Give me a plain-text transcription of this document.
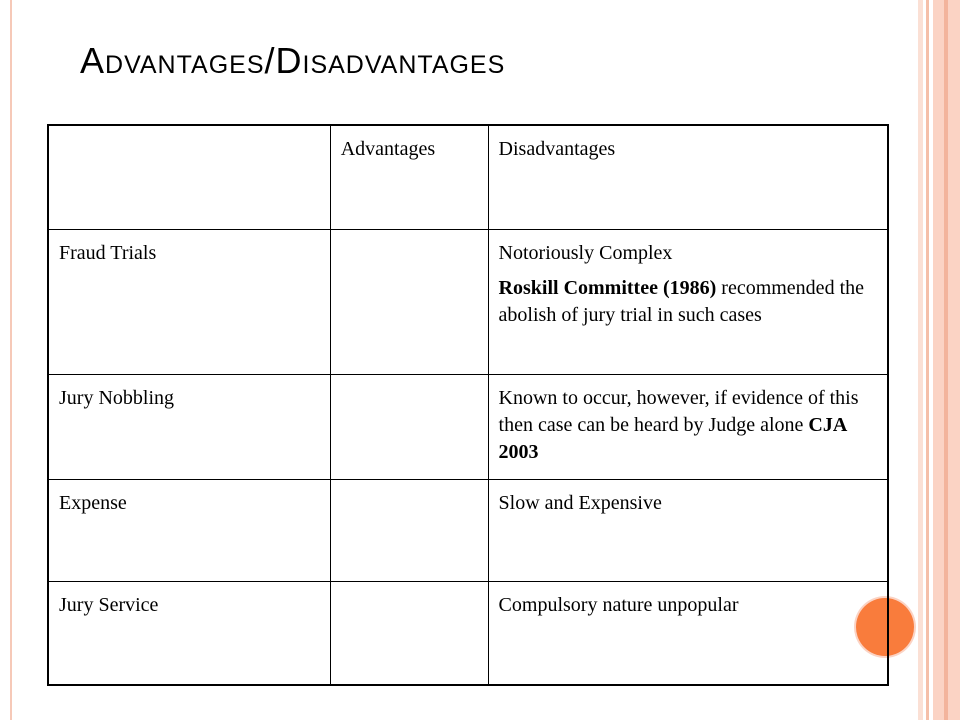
Advantages/Disadvantages
	Advantages	Disadvantages
Fraud Trials		Notoriously Complex

Roskill Committee (1986) recommended the abolish of jury trial in such cases

Jury Nobbling		Known to occur, however, if evidence of this then case can be heard by Judge alone CJA 2003
Expense		Slow and Expensive
Jury Service		Compulsory nature unpopular
